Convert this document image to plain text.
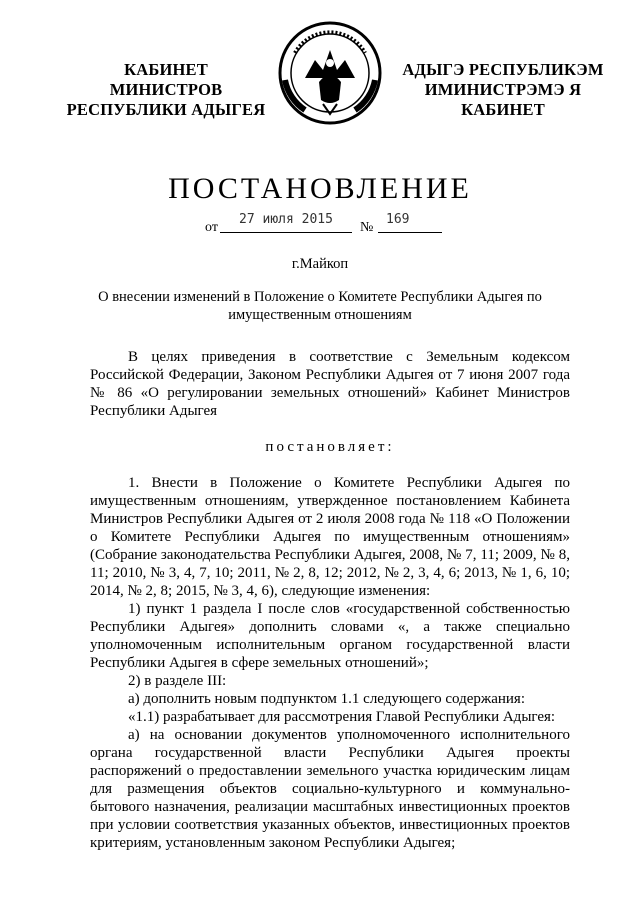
КАБИНЕТ МИНИСТРОВ
РЕСПУБЛИКИ АДЫГЕЯ
АДЫГЭ РЕСПУБЛИКЭМ
ИМИНИСТРЭМЭ Я КАБИНЕТ
ПОСТАНОВЛЕНИЕ
от
27 июля 2015
№
169
г.Майкоп
О внесении изменений в Положение о Комитете Республики Адыгея по
имущественным отношениям

В целях приведения в соответствие с Земельным кодексом Российской Федерации, Законом Республики Адыгея от 7 июня 2007 года № 86 «О регулировании земельных отношений» Кабинет Министров Республики Адыгея

постановляет:

1. Внести в Положение о Комитете Республики Адыгея по имущественным отношениям, утвержденное постановлением Кабинета Министров Республики Адыгея от 2 июля 2008 года № 118 «О Положении о Комитете Республики Адыгея по имущественным отношениям» (Собрание законодательства Республики Адыгея, 2008, № 7, 11; 2009, № 8, 11; 2010, № 3, 4, 7, 10; 2011, № 2, 8, 12; 2012, № 2, 3, 4, 6; 2013, № 1, 6, 10; 2014, № 2, 8; 2015, № 3, 4, 6), следующие изменения:

1) пункт 1 раздела I после слов «государственной собственностью Республики Адыгея» дополнить словами «, а также специально уполномоченным исполнительным органом государственной власти Республики Адыгея в сфере земельных отношений»;

2) в разделе III:

а) дополнить новым подпунктом 1.1 следующего содержания:

«1.1) разрабатывает для рассмотрения Главой Республики Адыгея:

а) на основании документов уполномоченного исполнительного органа государственной власти Республики Адыгея проекты распоряжений о предоставлении земельного участка юридическим лицам для размещения объектов социально-культурного и коммунально-бытового назначения, реализации масштабных инвестиционных проектов при условии соответствия указанных объектов, инвестиционных проектов критериям, установленным законом Республики Адыгея;
